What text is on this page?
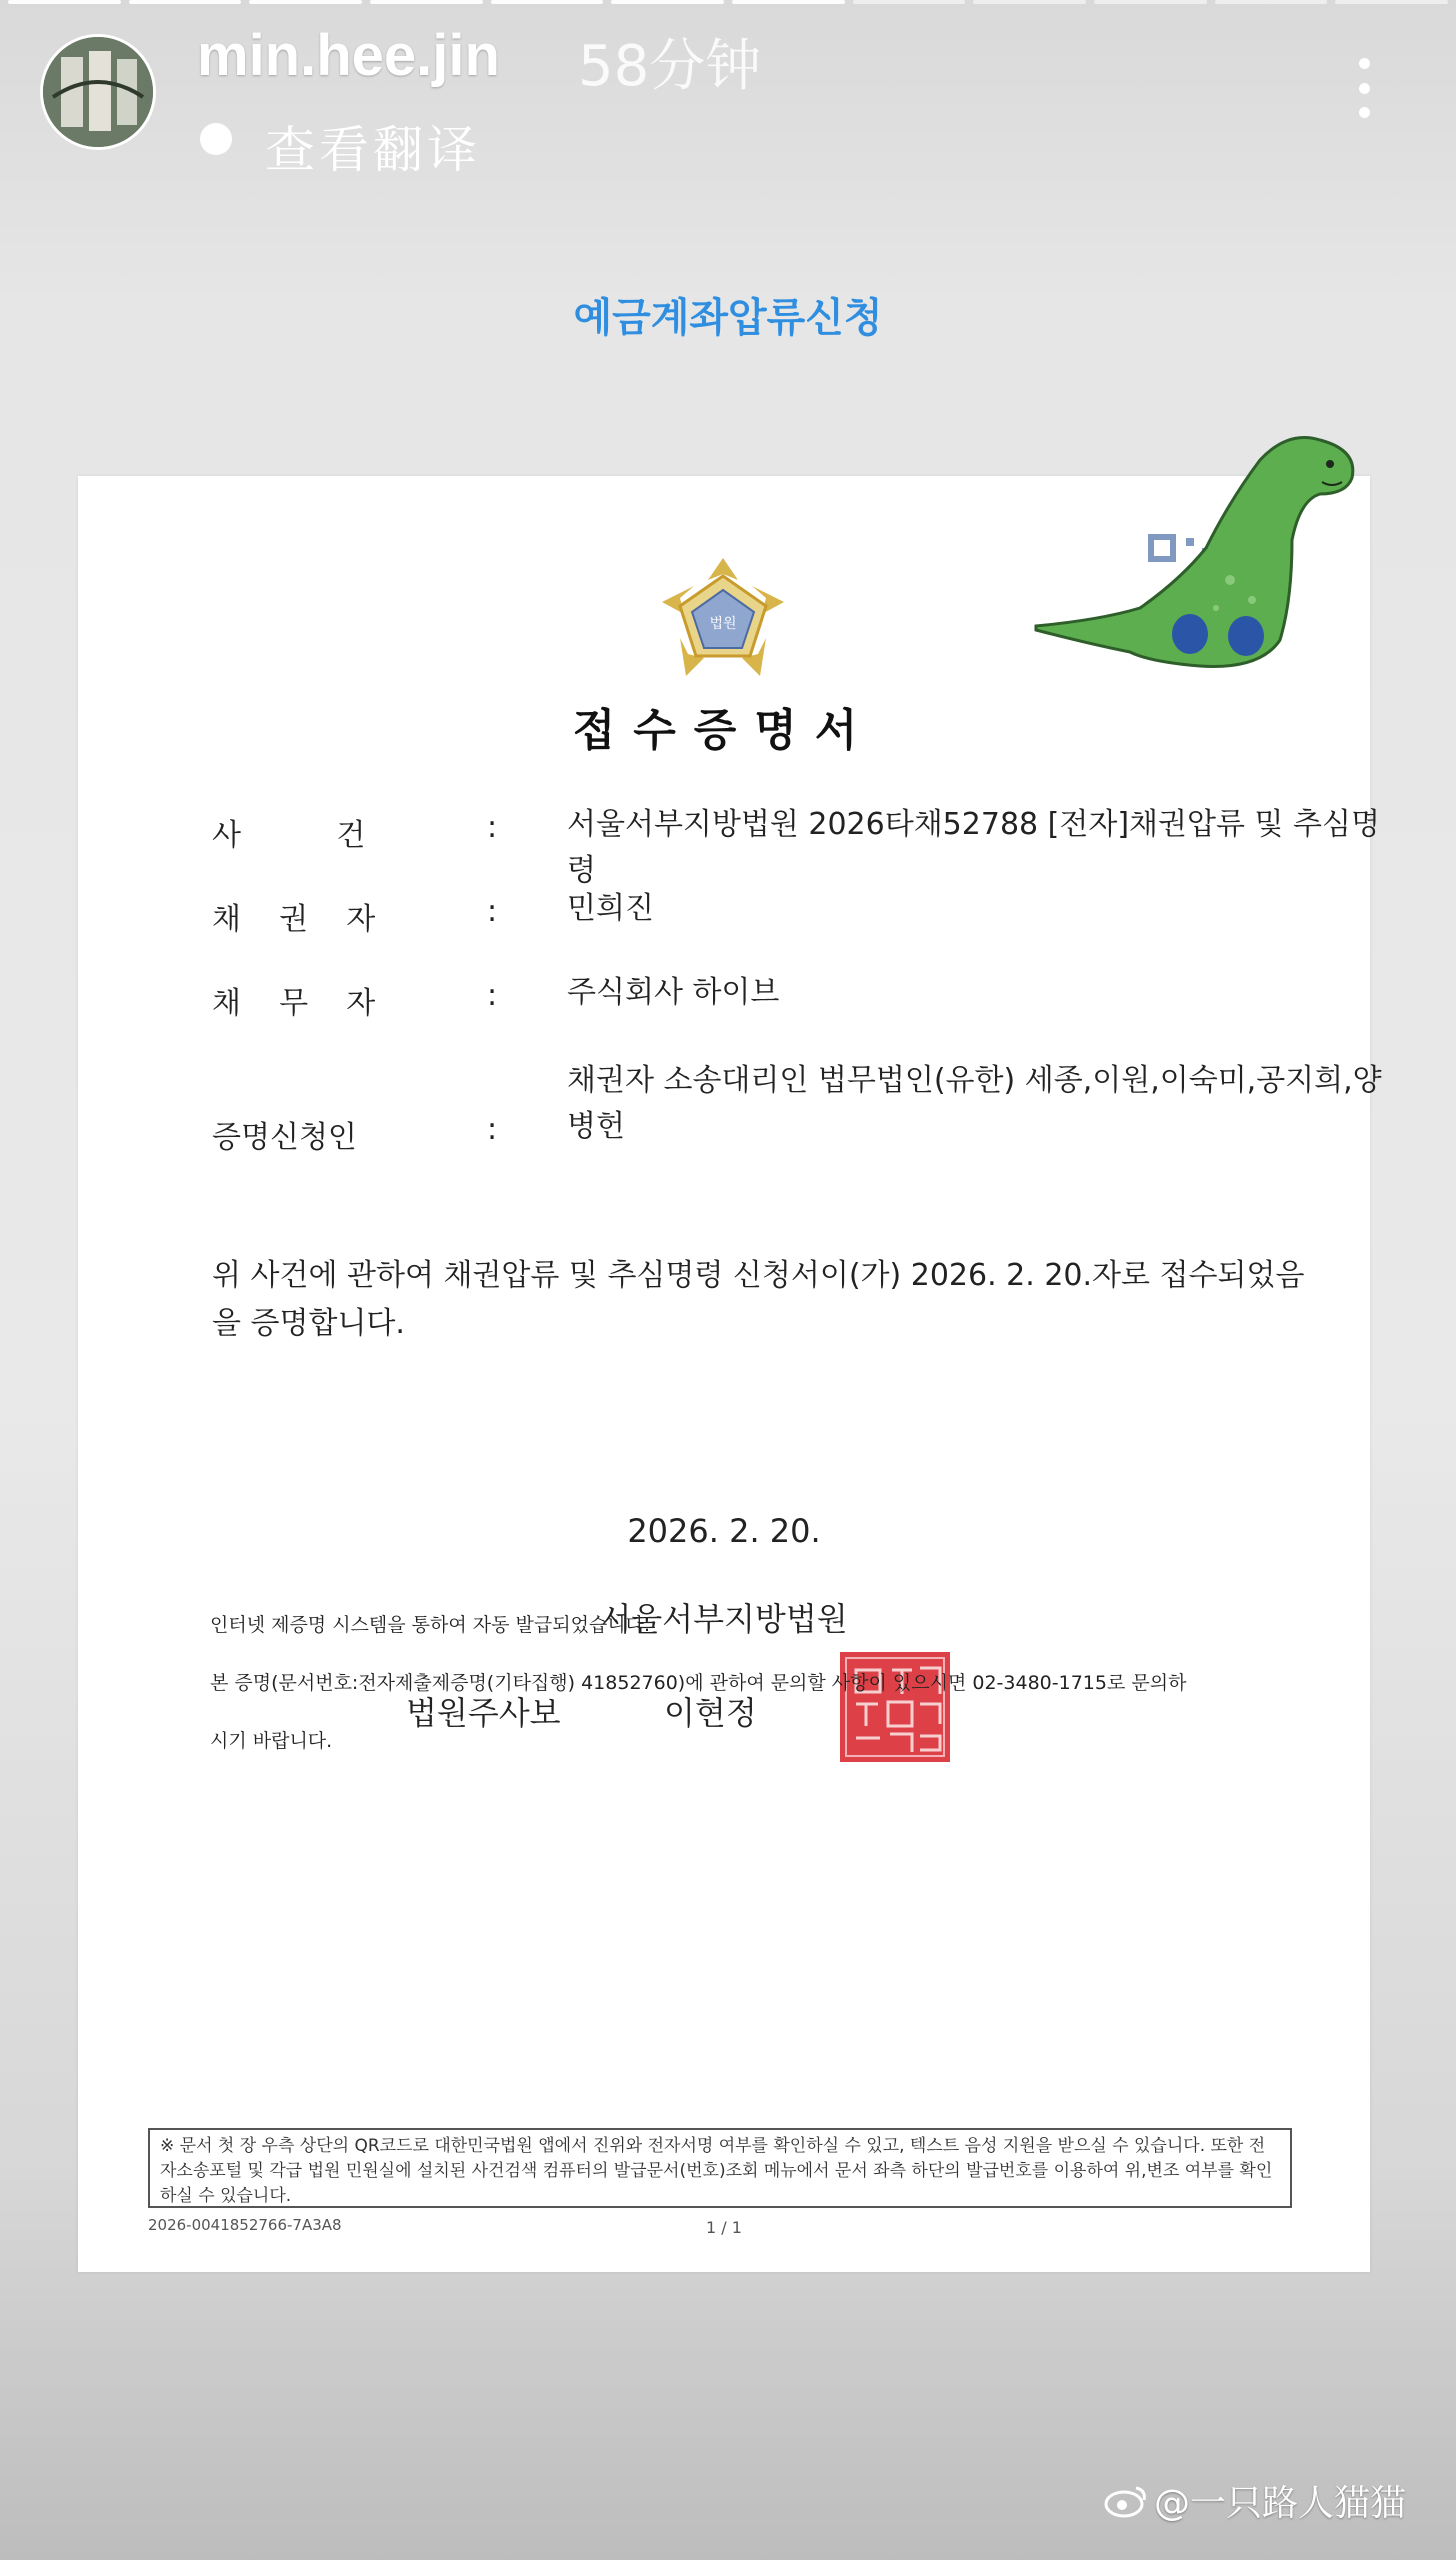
min.hee.jin 58分钟
查看翻译
예금계좌압류신청
법원
접수증명서
사          건	: 서울서부지방법원 2026타채52788 [전자]채권압류 및 추심명령
채    권    자	: 민희진
채    무    자	: 주식회사 하이브
증명신청인	:
채권자 소송대리인 법무법인(유한) 세종,이원,이숙미,공지희,양병헌
위 사건에 관하여 채권압류 및 추심명령 신청서이(가) 2026. 2. 20.자로 접수되었음을 증명합니다.
2026. 2. 20.
서울서부지방법원
법원주사보	이현정
인터넷 제증명 시스템을 통하여 자동 발급되었습니다.
본 증명(문서번호:전자제출제증명(기타집행) 41852760)에 관하여 문의할 사항이 있으시면 02-3480-1715로 문의하
시기 바랍니다.
※ 문서 첫 장 우측 상단의 QR코드로 대한민국법원 앱에서 진위와 전자서명 여부를 확인하실 수 있고, 텍스트 음성 지원을 받으실 수 있습니다. 또한 전자소송포털 및 각급 법원 민원실에 설치된 사건검색 컴퓨터의 발급문서(번호)조회 메뉴에서 문서 좌측 하단의 발급번호를 이용하여 위,변조 여부를 확인하실 수 있습니다.
2026-0041852766-7A3A8	1 / 1
@一只路人猫猫
